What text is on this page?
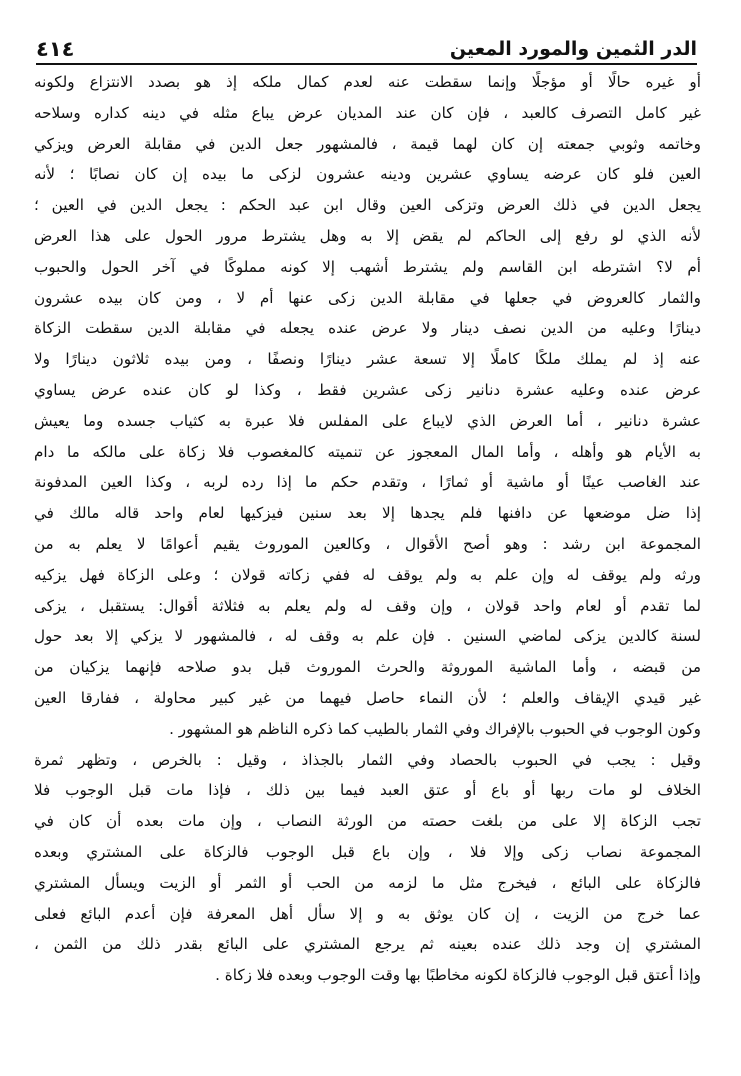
الدر الثمين والمورد المعين
٤١٤
أو غيره حالًا أو مؤجلًا وإنما سقطت عنه لعدم كمال ملكه إذ هو بصدد الانتزاع ولكونه
غير كامل التصرف كالعبد ، فإن كان عند المديان عرض يباع مثله في دينه كداره وسلاحه
وخاتمه وثوبي جمعته إن كان لهما قيمة ، فالمشهور جعل الدين في مقابلة العرض ويزكي
العين فلو كان عرضه يساوي عشرين ودينه عشرون لزكى ما بيده إن كان نصابًا ؛ لأنه
يجعل الدين في ذلك العرض وتزكى العين وقال ابن عبد الحكم : يجعل الدين في العين ؛
لأنه الذي لو رفع إلى الحاكم لم يقض إلا به وهل يشترط مرور الحول على هذا العرض
أم لا؟ اشترطه ابن القاسم ولم يشترط أشهب إلا كونه مملوكًا في آخر الحول والحبوب
والثمار كالعروض في جعلها في مقابلة الدين زكى عنها أم لا ، ومن كان بيده عشرون
دينارًا وعليه من الدين نصف دينار ولا عرض عنده يجعله في مقابلة الدين سقطت الزكاة
عنه إذ لم يملك ملكًا كاملًا إلا تسعة عشر دينارًا ونصفًا ، ومن بيده ثلاثون دينارًا ولا
عرض عنده وعليه عشرة دنانير زكى عشرين فقط ، وكذا لو كان عنده عرض يساوي
عشرة دنانير ، أما العرض الذي لايباع على المفلس فلا عبرة به كثياب جسده وما يعيش
به الأيام هو وأهله ، وأما المال المعجوز عن تنميته كالمغصوب فلا زكاة على مالكه ما دام
عند الغاصب عينًا أو ماشية أو ثمارًا ، وتقدم حكم ما إذا رده لربه ، وكذا العين المدفونة
إذا ضل موضعها عن دافنها فلم يجدها إلا بعد سنين فيزكيها لعام واحد قاله مالك في
المجموعة ابن رشد : وهو أصح الأقوال ، وكالعين الموروث يقيم أعوامًا لا يعلم به من
ورثه ولم يوقف له وإن علم به ولم يوقف له ففي زكاته قولان ؛ وعلى الزكاة فهل يزكيه
لما تقدم أو لعام واحد قولان ، وإن وقف له ولم يعلم به فثلاثة أقوال: يستقبل ، يزكى
لسنة كالدين يزكى لماضي السنين . فإن علم به وقف له ، فالمشهور لا يزكي إلا بعد حول
من قبضه ، وأما الماشية الموروثة والحرث الموروث قبل بدو صلاحه فإنهما يزكيان من
غير قيدي الإيقاف والعلم ؛ لأن النماء حاصل فيهما من غير كبير محاولة ، ففارقا العين
وكون الوجوب في الحبوب بالإفراك وفي الثمار بالطيب كما ذكره الناظم هو المشهور .
وقيل : يجب في الحبوب بالحصاد وفي الثمار بالجذاذ ، وقيل : بالخرص ، وتظهر ثمرة
الخلاف لو مات ربها أو باع أو عتق العبد فيما بين ذلك ، فإذا مات قبل الوجوب فلا
تجب الزكاة إلا على من بلغت حصته من الورثة النصاب ، وإن مات بعده أن كان في
المجموعة نصاب زكى وإلا فلا ، وإن باع قبل الوجوب فالزكاة على المشتري وبعده
فالزكاة على البائع ، فيخرج مثل ما لزمه من الحب أو الثمر أو الزيت ويسأل المشتري
عما خرج من الزيت ، إن كان يوثق به و إلا سأل أهل المعرفة فإن أعدم البائع فعلى
المشتري إن وجد ذلك عنده بعينه ثم يرجع المشتري على البائع بقدر ذلك من الثمن ،
وإذا أعتق قبل الوجوب فالزكاة لكونه مخاطبًا بها وقت الوجوب وبعده فلا زكاة .
